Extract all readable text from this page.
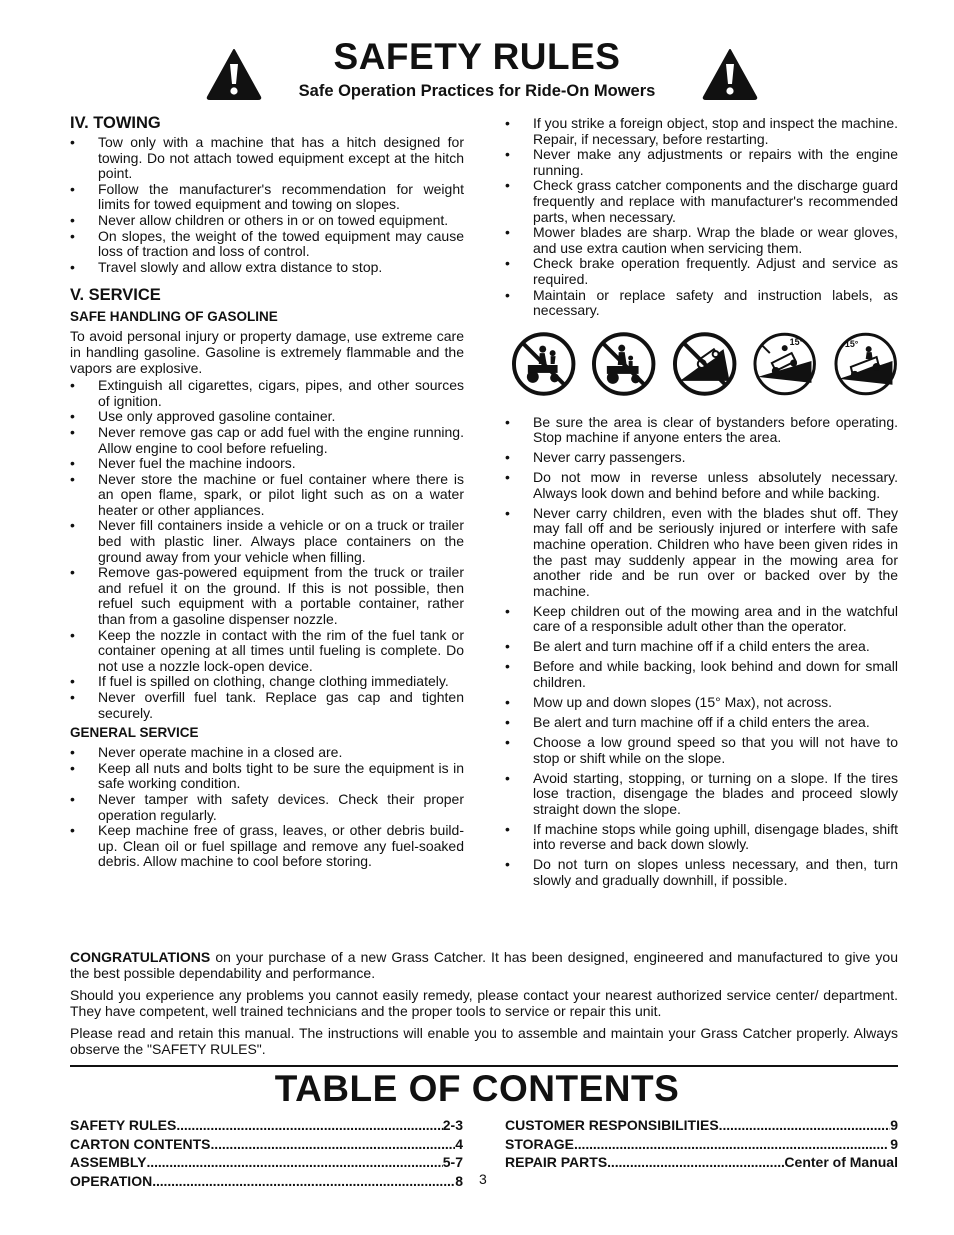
SAFETY RULES
Safe Operation Practices for Ride-On Mowers
IV. TOWING
• Tow only with a machine that has a hitch designed for towing. Do not attach towed equipment except at the hitch point.
• Follow the manufacturer's recommendation for weight limits for towed equipment and towing on slopes.
• Never allow children or others in or on towed equipment.
• On slopes, the weight of the towed equipment may cause loss of traction and loss of control.
• Travel slowly and allow extra distance to stop.
V. SERVICE
SAFE HANDLING OF GASOLINE

To avoid personal injury or property damage, use extreme care in handling gasoline. Gasoline is extremely flammable and the vapors are explosive.

• Extinguish all cigarettes, cigars, pipes, and other sources of ignition.
• Use only approved gasoline container.
• Never remove gas cap or add fuel with the engine running. Allow engine to cool before refueling.
• Never fuel the machine indoors.
• Never store the machine or fuel container where there is an open flame, spark, or pilot light such as on a water heater or other appliances.
• Never fill containers inside a vehicle or on a truck or trailer bed with plastic liner. Always place containers on the ground away from your vehicle when filling.
• Remove gas-powered equipment from the truck or trailer and refuel it on the ground. If this is not possible, then refuel such equipment with a portable container, rather than from a gasoline dispenser nozzle.
• Keep the nozzle in contact with the rim of the fuel tank or container opening at all times until fueling is complete. Do not use a nozzle lock-open device.
• If fuel is spilled on clothing, change clothing immediately.
• Never overfill fuel tank. Replace gas cap and tighten securely.
GENERAL SERVICE
• Never operate machine in a closed are.
• Keep all nuts and bolts tight to be sure the equipment is in safe working condition.
• Never tamper with safety devices. Check their proper operation regularly.
• Keep machine free of grass, leaves, or other debris build-up. Clean oil or fuel spillage and remove any fuel-soaked debris. Allow machine to cool before storing.
• If you strike a foreign object, stop and inspect the machine. Repair, if necessary, before restarting.
• Never make any adjustments or repairs with the engine running.
• Check grass catcher components and the discharge guard frequently and replace with manufacturer's recommended parts, when necessary.
• Mower blades are sharp. Wrap the blade or wear gloves, and use extra caution when servicing them.
• Check brake operation frequently. Adjust and service as required.
• Maintain or replace safety and instruction labels, as necessary.
15°	15°
• Be sure the area is clear of bystanders before operating. Stop machine if anyone enters the area.
• Never carry passengers.
• Do not mow in reverse unless absolutely necessary. Always look down and behind before and while backing.
• Never carry children, even with the blades shut off. They may fall off and be seriously injured or interfere with safe machine operation. Children who have been given rides in the past may suddenly appear in the mowing area for another ride and be run over or backed over by the machine.
• Keep children out of the mowing area and in the watchful care of a responsible adult other than the operator.
• Be alert and turn machine off if a child enters the area.
• Before and while backing, look behind and down for small children.
• Mow up and down slopes (15° Max), not across.
• Be alert and turn machine off if a child enters the area.
• Choose a low ground speed so that you will not have to stop or shift while on the slope.
• Avoid starting, stopping, or turning on a slope. If the tires lose traction, disengage the blades and proceed slowly straight down the slope.
• If machine stops while going uphill, disengage blades, shift into reverse and back down slowly.
• Do not turn on slopes unless necessary, and then, turn slowly and gradually downhill, if possible.

CONGRATULATIONS on your purchase of a new Grass Catcher. It has been designed, engineered and manufactured to give you the best possible dependability and performance.

Should you experience any problems you cannot easily remedy, please contact your nearest authorized service center/ department. They have competent, well trained technicians and the proper tools to service or repair this unit.

Please read and retain this manual. The instructions will enable you to assemble and maintain your Grass Catcher properly. Always observe the "SAFETY RULES".

TABLE OF CONTENTS
SAFETY RULES . . .	2-3
CARTON CONTENTS . . .	4
ASSEMBLY . . .	5-7
OPERATION . . .	8
CUSTOMER RESPONSIBILITIES . . .	9
STORAGE . . .	9
REPAIR PARTS . . .	Center of Manual
3
